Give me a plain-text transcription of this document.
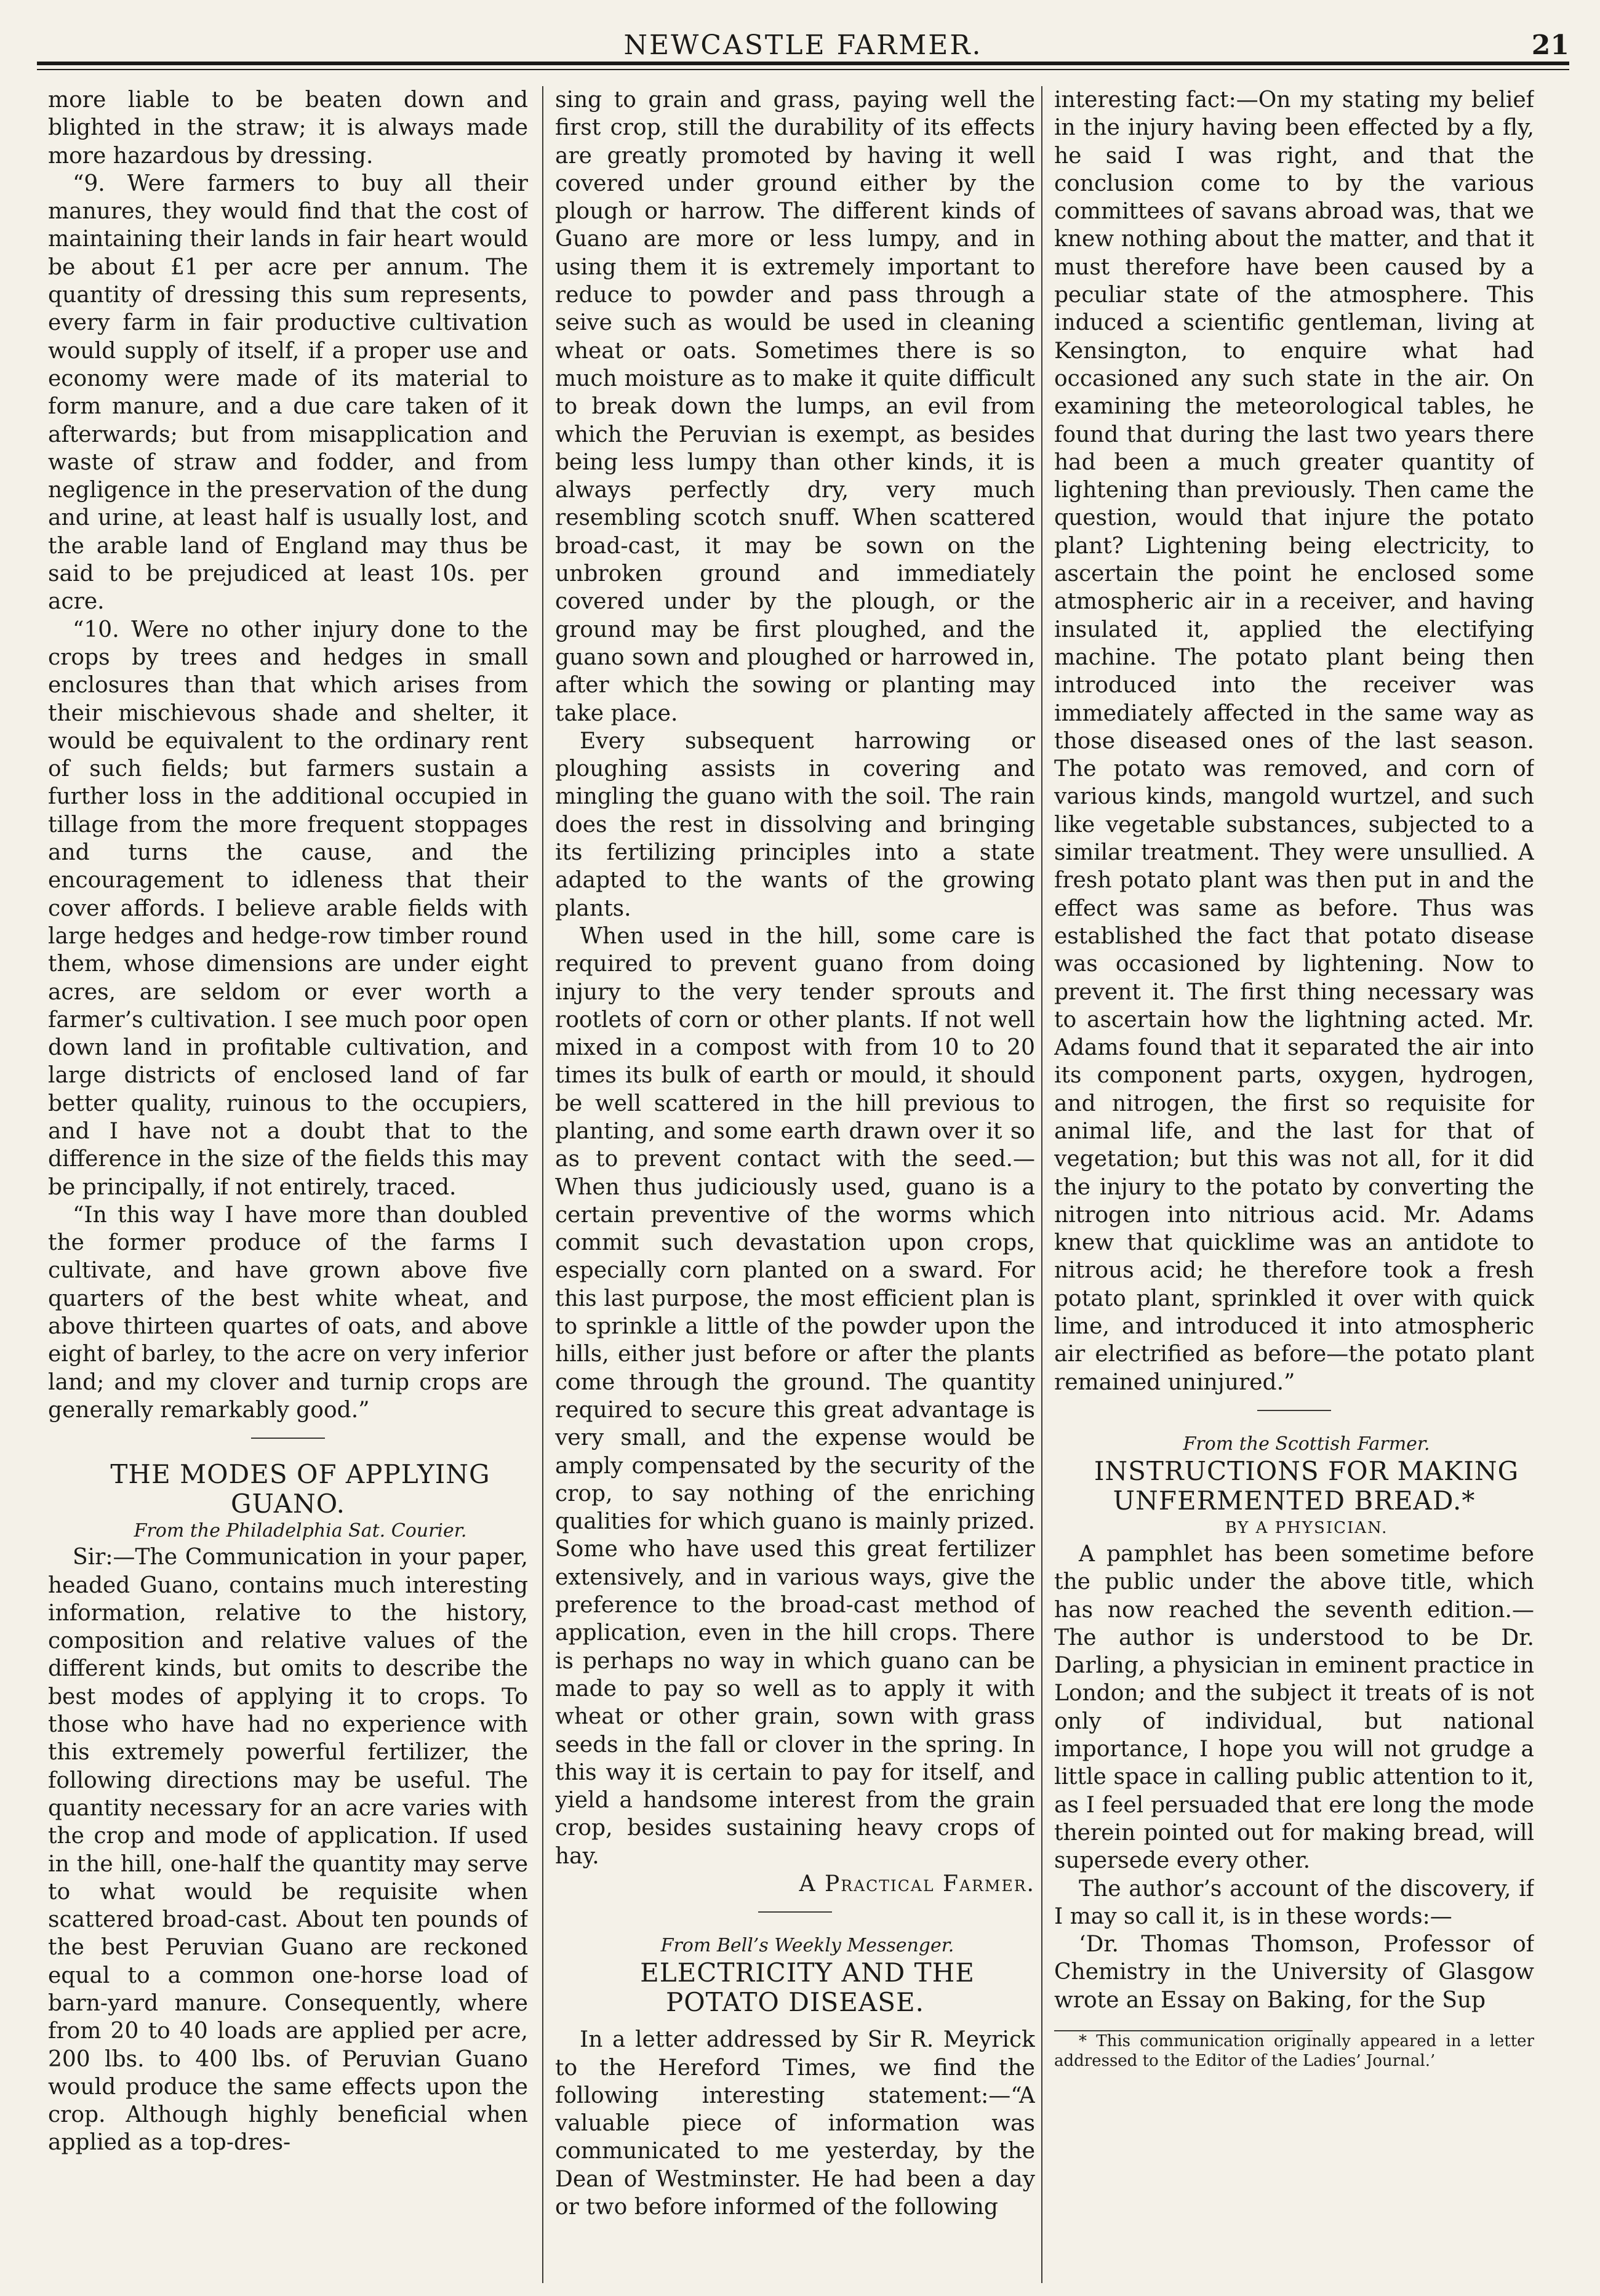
NEWCASTLE FARMER.	21

more liable to be beaten down and blighted in the straw; it is always made more hazardous by dressing.

“9. Were farmers to buy all their manures, they would find that the cost of maintaining their lands in fair heart would be about £1 per acre per annum. The quantity of dressing this sum represents, every farm in fair productive cultivation would supply of itself, if a proper use and economy were made of its material to form manure, and a due care taken of it afterwards; but from misapplication and waste of straw and fodder, and from negligence in the preservation of the dung and urine, at least half is usually lost, and the arable land of England may thus be said to be prejudiced at least 10s. per acre.

“10. Were no other injury done to the crops by trees and hedges in small enclosures than that which arises from their mischievous shade and shelter, it would be equivalent to the ordinary rent of such fields; but farmers sustain a further loss in the additional occupied in tillage from the more frequent stoppages and turns the cause, and the encouragement to idleness that their cover affords. I believe arable fields with large hedges and hedge-row timber round them, whose dimensions are under eight acres, are seldom or ever worth a farmer’s cultivation. I see much poor open down land in profitable cultivation, and large districts of enclosed land of far better quality, ruinous to the occupiers, and I have not a doubt that to the difference in the size of the fields this may be principally, if not entirely, traced.

“In this way I have more than doubled the former produce of the farms I cultivate, and have grown above five quarters of the best white wheat, and above thirteen quartes of oats, and above eight of barley, to the acre on very inferior land; and my clover and turnip crops are generally remarkably good.”

THE MODES OF APPLYING GUANO.

From the Philadelphia Sat. Courier.

Sir:—The Communication in your paper, headed Guano, contains much interesting information, relative to the history, composition and relative values of the different kinds, but omits to describe the best modes of applying it to crops. To those who have had no experience with this extremely powerful fertilizer, the following directions may be useful. The quantity necessary for an acre varies with the crop and mode of application. If used in the hill, one-half the quantity may serve to what would be requisite when scattered broad-cast. About ten pounds of the best Peruvian Guano are reckoned equal to a common one-horse load of barn-yard manure. Consequently, where from 20 to 40 loads are applied per acre, 200 lbs. to 400 lbs. of Peruvian Guano would produce the same effects upon the crop. Although highly beneficial when applied as a top-dres-

sing to grain and grass, paying well the first crop, still the durability of its effects are greatly promoted by having it well covered under ground either by the plough or harrow. The different kinds of Guano are more or less lumpy, and in using them it is extremely important to reduce to powder and pass through a seive such as would be used in cleaning wheat or oats. Sometimes there is so much moisture as to make it quite difficult to break down the lumps, an evil from which the Peruvian is exempt, as besides being less lumpy than other kinds, it is always perfectly dry, very much resembling scotch snuff. When scattered broad-cast, it may be sown on the unbroken ground and immediately covered under by the plough, or the ground may be first ploughed, and the guano sown and ploughed or harrowed in, after which the sowing or planting may take place.

Every subsequent harrowing or ploughing assists in covering and mingling the guano with the soil. The rain does the rest in dissolving and bringing its fertilizing principles into a state adapted to the wants of the growing plants.

When used in the hill, some care is required to prevent guano from doing injury to the very tender sprouts and rootlets of corn or other plants. If not well mixed in a compost with from 10 to 20 times its bulk of earth or mould, it should be well scattered in the hill previous to planting, and some earth drawn over it so as to prevent contact with the seed.—When thus judiciously used, guano is a certain preventive of the worms which commit such devastation upon crops, especially corn planted on a sward. For this last purpose, the most efficient plan is to sprinkle a little of the powder upon the hills, either just before or after the plants come through the ground. The quantity required to secure this great advantage is very small, and the expense would be amply compensated by the security of the crop, to say nothing of the enriching qualities for which guano is mainly prized. Some who have used this great fertilizer extensively, and in various ways, give the preference to the broad-cast method of application, even in the hill crops. There is perhaps no way in which guano can be made to pay so well as to apply it with wheat or other grain, sown with grass seeds in the fall or clover in the spring. In this way it is certain to pay for itself, and yield a handsome interest from the grain crop, besides sustaining heavy crops of hay.

A Practical Farmer.

From Bell’s Weekly Messenger.

ELECTRICITY AND THE POTATO DISEASE.

In a letter addressed by Sir R. Meyrick to the Hereford Times, we find the following interesting statement:—“A valuable piece of information was communicated to me yesterday, by the Dean of Westminster. He had been a day or two before informed of the following

interesting fact:—On my stating my belief in the injury having been effected by a fly, he said I was right, and that the conclusion come to by the various committees of savans abroad was, that we knew nothing about the matter, and that it must therefore have been caused by a peculiar state of the atmosphere. This induced a scientific gentleman, living at Kensington, to enquire what had occasioned any such state in the air. On examining the meteorological tables, he found that during the last two years there had been a much greater quantity of lightening than previously. Then came the question, would that injure the potato plant? Lightening being electricity, to ascertain the point he enclosed some atmospheric air in a receiver, and having insulated it, applied the electifying machine. The potato plant being then introduced into the receiver was immediately affected in the same way as those diseased ones of the last season. The potato was removed, and corn of various kinds, mangold wurtzel, and such like vegetable substances, subjected to a similar treatment. They were unsullied. A fresh potato plant was then put in and the effect was same as before. Thus was established the fact that potato disease was occasioned by lightening. Now to prevent it. The first thing necessary was to ascertain how the lightning acted. Mr. Adams found that it separated the air into its component parts, oxygen, hydrogen, and nitrogen, the first so requisite for animal life, and the last for that of vegetation; but this was not all, for it did the injury to the potato by converting the nitrogen into nitrious acid. Mr. Adams knew that quicklime was an antidote to nitrous acid; he therefore took a fresh potato plant, sprinkled it over with quick lime, and introduced it into atmospheric air electrified as before—the potato plant remained uninjured.”

From the Scottish Farmer.

INSTRUCTIONS FOR MAKING UNFERMENTED BREAD.*

BY A PHYSICIAN.

A pamphlet has been sometime before the public under the above title, which has now reached the seventh edition.—The author is understood to be Dr. Darling, a physician in eminent practice in London; and the subject it treats of is not only of individual, but national importance, I hope you will not grudge a little space in calling public attention to it, as I feel persuaded that ere long the mode therein pointed out for making bread, will supersede every other.

The author’s account of the discovery, if I may so call it, is in these words:—

‘Dr. Thomas Thomson, Professor of Chemistry in the University of Glasgow wrote an Essay on Baking, for the Sup

* This communication originally appeared in a letter addressed to the Editor of the Ladies’ Journal.’
